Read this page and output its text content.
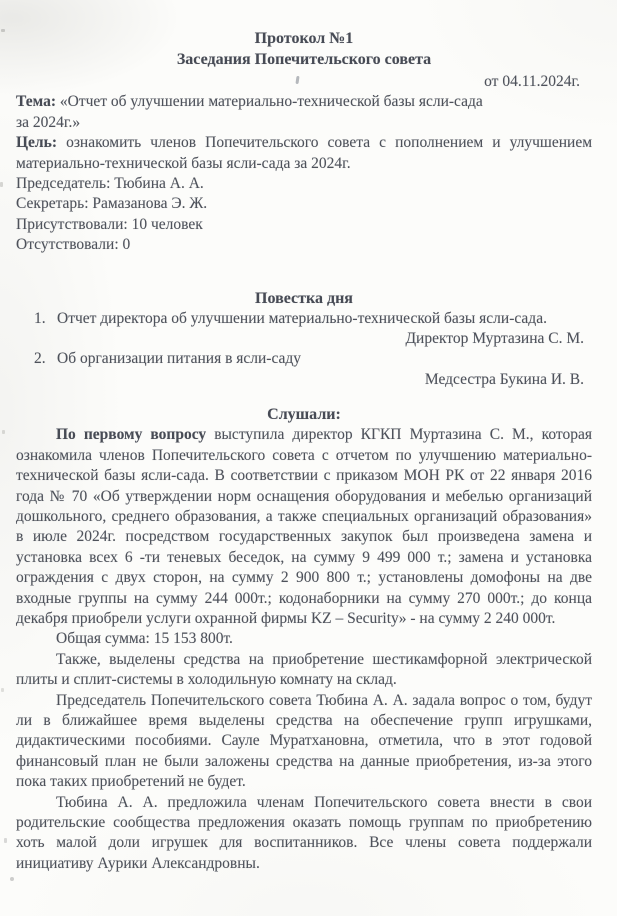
Протокол №1
Заседания Попечительского совета
от 04.11.2024г.
Тема: «Отчет об улучшении материально-технической базы ясли-сада
за 2024г.»
Цель: ознакомить членов Попечительского совета с пополнением и улучшением материально-технической базы ясли-сада за 2024г.
Председатель: Тюбина А. А.
Секретарь: Рамазанова Э. Ж.
Присутствовали: 10 человек
Отсутствовали: 0
Повестка дня
1. Отчет директора об улучшении материально-технической базы ясли-сада.
Директор Муртазина С. М.
2. Об организации питания в ясли-саду
Медсестра Букина И. В.
Слушали:
По первому вопросу выступила директор КГКП Муртазина С. М., которая ознакомила членов Попечительского совета с отчетом по улучшению материально-технической базы ясли-сада. В соответствии с приказом МОН РК от 22 января 2016 года № 70 «Об утверждении норм оснащения оборудования и мебелью организаций дошкольного, среднего образования, а также специальных организаций образования» в июле 2024г. посредством государственных закупок был произведена замена и установка всех 6 -ти теневых беседок, на сумму 9 499 000 т.; замена и установка ограждения с двух сторон, на сумму 2 900 800 т.; установлены домофоны на две входные группы на сумму 244 000т.; кодонаборники на сумму 270 000т.; до конца декабря приобрели услуги охранной фирмы KZ – Security» - на сумму 2 240 000т.
Общая сумма: 15 153 800т.
Также, выделены средства на приобретение шестикамфорной электрической плиты и сплит-системы в холодильную комнату на склад.
Председатель Попечительского совета Тюбина А. А. задала вопрос о том, будут ли в ближайшее время выделены средства на обеспечение групп игрушками, дидактическими пособиями. Сауле Муратхановна, отметила, что в этот годовой финансовый план не были заложены средства на данные приобретения, из-за этого пока таких приобретений не будет.
Тюбина А. А. предложила членам Попечительского совета внести в свои родительские сообщества предложения оказать помощь группам по приобретению хоть малой доли игрушек для воспитанников. Все члены совета поддержали инициативу Аурики Александровны.
